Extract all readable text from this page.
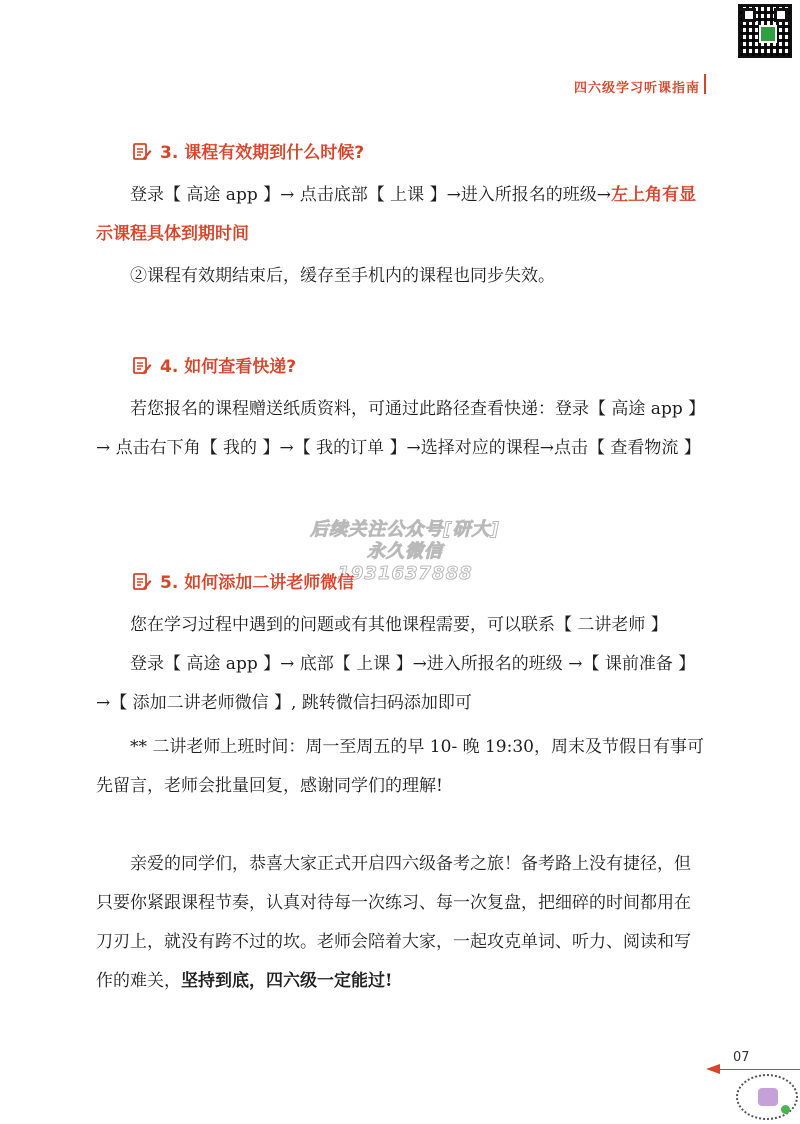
四六级学习听课指南
3. 课程有效期到什么时候?

登录【 高途 app 】→ 点击底部【 上课 】→进入所报名的班级→左上角有显示课程具体到期时间

②课程有效期结束后，缓存至手机内的课程也同步失效。

4. 如何查看快递?

若您报名的课程赠送纸质资料，可通过此路径查看快递：登录【 高途 app 】→ 点击右下角【 我的 】→【 我的订单 】→选择对应的课程→点击【 查看物流 】

后续关注公众号[研大]
永久微信1931637888
5. 如何添加二讲老师微信

您在学习过程中遇到的问题或有其他课程需要，可以联系【 二讲老师 】

登录【 高途 app 】→ 底部【 上课 】→进入所报名的班级 →【 课前准备 】→【 添加二讲老师微信 】, 跳转微信扫码添加即可

** 二讲老师上班时间：周一至周五的早 10- 晚 19:30，周末及节假日有事可先留言，老师会批量回复，感谢同学们的理解!

亲爱的同学们，恭喜大家正式开启四六级备考之旅！备考路上没有捷径，但只要你紧跟课程节奏，认真对待每一次练习、每一次复盘，把细碎的时间都用在刀刃上，就没有跨不过的坎。老师会陪着大家，一起攻克单词、听力、阅读和写作的难关，坚持到底，四六级一定能过!

07
